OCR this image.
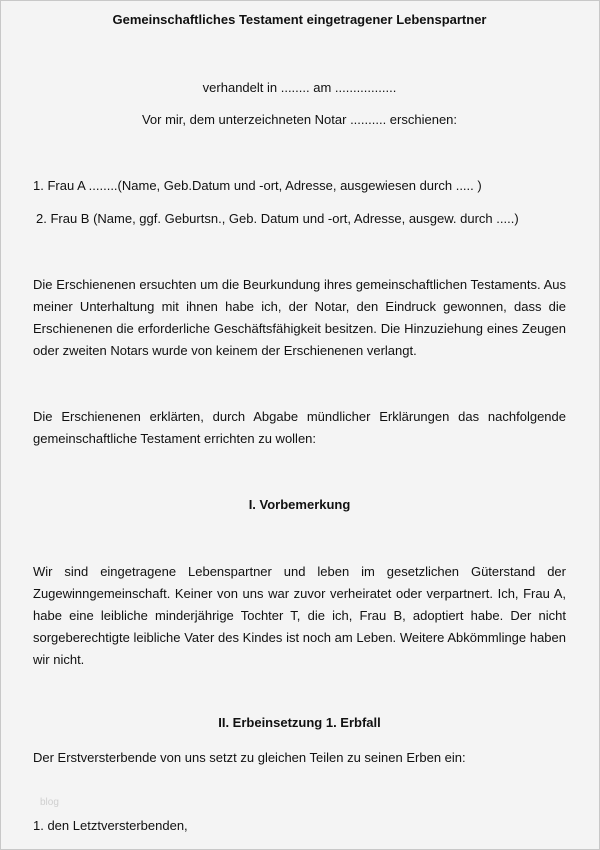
Gemeinschaftliches Testament eingetragener Lebenspartner
verhandelt in ........ am .................
Vor mir, dem unterzeichneten Notar .......... erschienen:
1. Frau A ........(Name, Geb.Datum und -ort, Adresse, ausgewiesen durch ..... )
2. Frau B (Name, ggf. Geburtsn., Geb. Datum und -ort, Adresse, ausgew. durch .....)
Die Erschienenen ersuchten um die Beurkundung ihres gemeinschaftlichen Testaments. Aus
meiner Unterhaltung mit ihnen habe ich, der Notar, den Eindruck gewonnen, dass die
Erschienenen die erforderliche Geschäftsfähigkeit besitzen. Die Hinzuziehung eines Zeugen
oder zweiten Notars wurde von keinem der Erschienenen verlangt.
Die Erschienenen erklärten, durch Abgabe mündlicher Erklärungen das nachfolgende
gemeinschaftliche Testament errichten zu wollen:
I. Vorbemerkung
Wir sind eingetragene Lebenspartner und leben im gesetzlichen Güterstand der
Zugewinngemeinschaft. Keiner von uns war zuvor verheiratet oder verpartnert. Ich, Frau A,
habe eine leibliche minderjährige Tochter T, die ich, Frau B, adoptiert habe. Der nicht
sorgeberechtigte leibliche Vater des Kindes ist noch am Leben. Weitere Abkömmlinge haben
wir nicht.
II. Erbeinsetzung 1. Erbfall
Der Erstversterbende von uns setzt zu gleichen Teilen zu seinen Erben ein:
blog
1. den Letztversterbenden,
